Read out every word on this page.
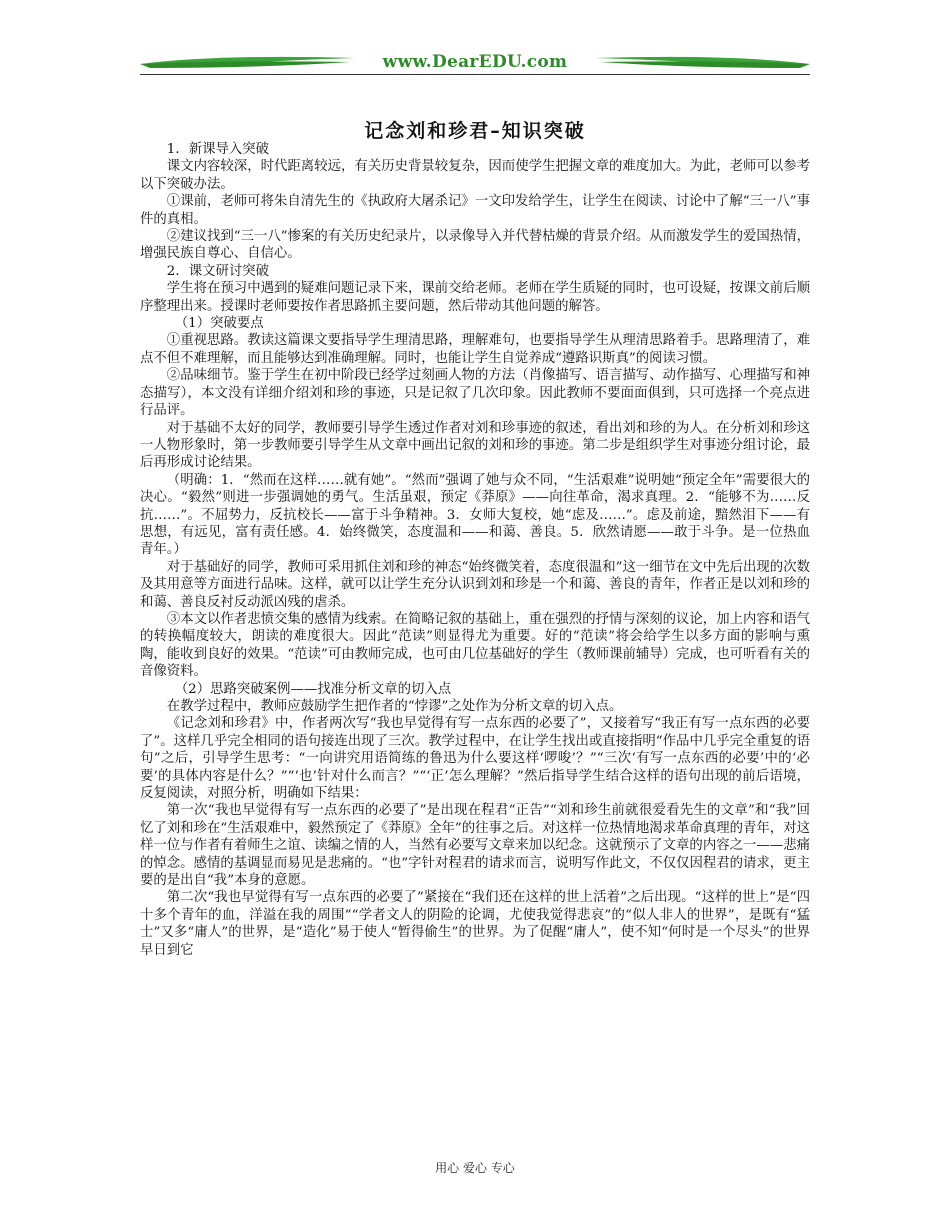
www.DearEDU.com
记念刘和珍君–知识突破

1．新课导入突破

课文内容较深，时代距离较远，有关历史背景较复杂，因而使学生把握文章的难度加大。为此，老师可以参考以下突破办法。

①课前，老师可将朱自清先生的《执政府大屠杀记》一文印发给学生，让学生在阅读、讨论中了解“三一八”事件的真相。

②建议找到“三一八”惨案的有关历史纪录片，以录像导入并代替枯燥的背景介绍。从而激发学生的爱国热情，增强民族自尊心、自信心。

2．课文研讨突破

学生将在预习中遇到的疑难问题记录下来，课前交给老师。老师在学生质疑的同时，也可设疑，按课文前后顺序整理出来。授课时老师要按作者思路抓主要问题，然后带动其他问题的解答。

（1）突破要点

①重视思路。教读这篇课文要指导学生理清思路，理解难句，也要指导学生从理清思路着手。思路理清了，难点不但不难理解，而且能够达到准确理解。同时，也能让学生自觉养成“遵路识斯真”的阅读习惯。

②品味细节。鉴于学生在初中阶段已经学过刻画人物的方法（肖像描写、语言描写、动作描写、心理描写和神态描写），本文没有详细介绍刘和珍的事迹，只是记叙了几次印象。因此教师不要面面俱到，只可选择一个亮点进行品评。

对于基础不太好的同学，教师要引导学生透过作者对刘和珍事迹的叙述，看出刘和珍的为人。在分析刘和珍这一人物形象时，第一步教师要引导学生从文章中画出记叙的刘和珍的事迹。第二步是组织学生对事迹分组讨论，最后再形成讨论结果。

（明确：1．“然而在这样……就有她”。“然而”强调了她与众不同，“生活艰难”说明她“预定全年”需要很大的决心。“毅然”则进一步强调她的勇气。生活虽艰，预定《莽原》——向往革命，渴求真理。2．“能够不为……反抗……”。不屈势力，反抗校长——富于斗争精神。3．女师大复校，她“虑及……”。虑及前途，黯然泪下——有思想，有远见，富有责任感。4．始终微笑，态度温和——和蔼、善良。5．欣然请愿——敢于斗争。是一位热血青年。）

对于基础好的同学，教师可采用抓住刘和珍的神态“始终微笑着，态度很温和”这一细节在文中先后出现的次数及其用意等方面进行品味。这样，就可以让学生充分认识到刘和珍是一个和蔼、善良的青年，作者正是以刘和珍的和蔼、善良反衬反动派凶残的虐杀。

③本文以作者悲愤交集的感情为线索。在简略记叙的基础上，重在强烈的抒情与深刻的议论，加上内容和语气的转换幅度较大，朗读的难度很大。因此“范读”则显得尤为重要。好的“范读”将会给学生以多方面的影响与熏陶，能收到良好的效果。“范读”可由教师完成，也可由几位基础好的学生（教师课前辅导）完成，也可听看有关的音像资料。

（2）思路突破案例——找准分析文章的切入点

在教学过程中，教师应鼓励学生把作者的“悖谬”之处作为分析文章的切入点。

《记念刘和珍君》中，作者两次写“我也早觉得有写一点东西的必要了”，又接着写“我正有写一点东西的必要了”。这样几乎完全相同的语句接连出现了三次。教学过程中，在让学生找出或直接指明“作品中几乎完全重复的语句”之后，引导学生思考：“一向讲究用语简练的鲁迅为什么要这样‘啰唆’？”“三次‘有写一点东西的必要’中的‘必要’的具体内容是什么？”“‘也’针对什么而言？”“‘正’怎么理解？”然后指导学生结合这样的语句出现的前后语境，反复阅读，对照分析，明确如下结果：

第一次“我也早觉得有写一点东西的必要了”是出现在程君“正告”“刘和珍生前就很爱看先生的文章”和“我”回忆了刘和珍在“生活艰难中，毅然预定了《莽原》全年”的往事之后。对这样一位热情地渴求革命真理的青年，对这样一位与作者有着师生之谊、读编之情的人，当然有必要写文章来加以纪念。这就预示了文章的内容之一——悲痛的悼念。感情的基调显而易见是悲痛的。“也”字针对程君的请求而言，说明写作此文，不仅仅因程君的请求，更主要的是出自“我”本身的意愿。

第二次“我也早觉得有写一点东西的必要了”紧接在“我们还在这样的世上活着”之后出现。“这样的世上”是“四十多个青年的血，洋溢在我的周围”“学者文人的阴险的论调，尤使我觉得悲哀”的“似人非人的世界”，是既有“猛士”又多“庸人”的世界，是“造化”易于使人“暂得偷生”的世界。为了促醒“庸人”，使不知“何时是一个尽头”的世界早日到它

用心 爱心 专心
